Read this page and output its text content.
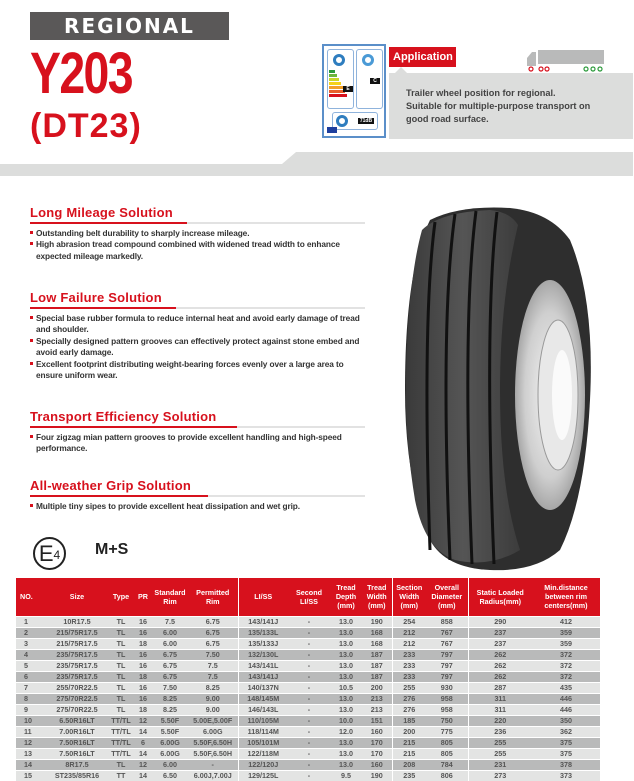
REGIONAL
Y203
(DT23)
E
C
71dB
Application
Trailer wheel position for regional.
Suitable for multiple-purpose transport on
good road surface.
Long Mileage Solution
Outstanding belt durability to sharply increase mileage.
High abrasion tread compound combined with widened tread width to enhance expected mileage markedly.
Low Failure Solution
Special base rubber formula to reduce internal heat and avoid early damage of tread and shoulder.
Specially designed pattern grooves can effectively protect against stone embed and avoid early damage.
Excellent footprint distributing weight-bearing forces evenly over a large area to ensure uniform wear.
Transport Efficiency Solution
Four zigzag mian pattern grooves to provide excellent handling and high-speed performance.
All-weather Grip Solution
Multiple tiny sipes to provide excellent heat dissipation and wet grip.
$E_4$	M+S
NO.	Size	Type	PR	Standard Rim	Permitted Rim	LI/SS	Second LI/SS	Tread Depth (mm)	Tread Width (mm)	Section Width (mm)	Overall Diameter (mm)	Static Loaded Radius(mm)	Min.distance between rim centers(mm)
1	10R17.5	TL	16	7.5	6.75	143/141J	-	13.0	190	254	858	290	412
2	215/75R17.5	TL	16	6.00	6.75	135/133L	-	13.0	168	212	767	237	359
3	215/75R17.5	TL	18	6.00	6.75	135/133J	-	13.0	168	212	767	237	359
4	235/75R17.5	TL	16	6.75	7.50	132/130L	-	13.0	187	233	797	262	372
5	235/75R17.5	TL	16	6.75	7.5	143/141L	-	13.0	187	233	797	262	372
6	235/75R17.5	TL	18	6.75	7.5	143/141J	-	13.0	187	233	797	262	372
7	255/70R22.5	TL	16	7.50	8.25	140/137N	-	10.5	200	255	930	287	435
8	275/70R22.5	TL	16	8.25	9.00	148/145M	-	13.0	213	276	958	311	446
9	275/70R22.5	TL	18	8.25	9.00	146/143L	-	13.0	213	276	958	311	446
10	6.50R16LT	TT/TL	12	5.50F	5.00E,5.00F	110/105M	-	10.0	151	185	750	220	350
11	7.00R16LT	TT/TL	14	5.50F	6.00G	118/114M	-	12.0	160	200	775	236	362
12	7.50R16LT	TT/TL	6	6.00G	5.50F,6.50H	105/101M	-	13.0	170	215	805	255	375
13	7.50R16LT	TT/TL	14	6.00G	5.50F,6.50H	122/118M	-	13.0	170	215	805	255	375
14	8R17.5	TL	12	6.00	-	122/120J	-	13.0	160	208	784	231	378
15	ST235/85R16	TT	14	6.50	6.00J,7.00J	129/125L	-	9.5	190	235	806	273	373
